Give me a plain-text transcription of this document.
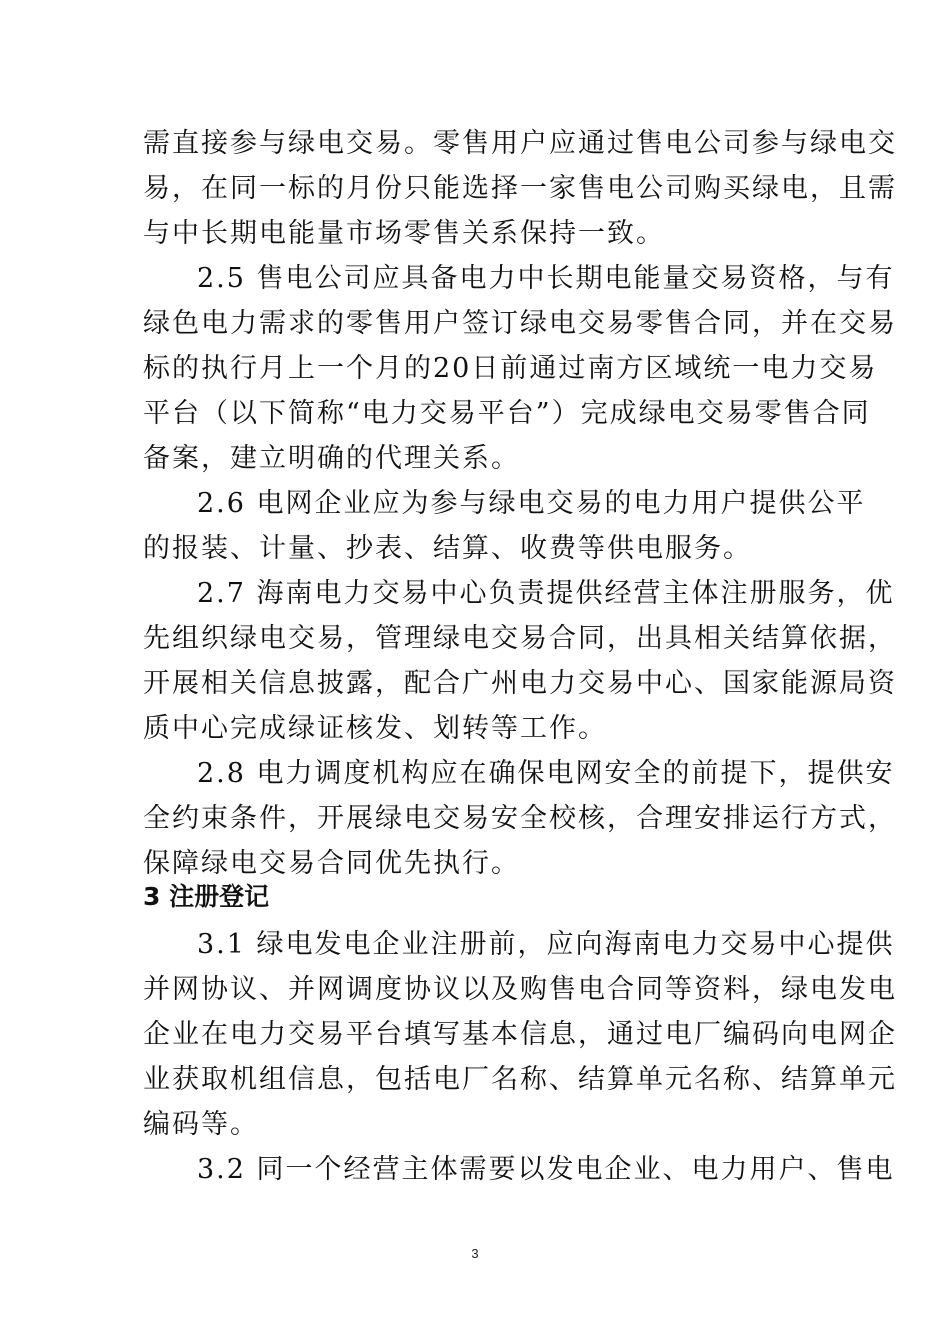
需直接参与绿电交易。零售用户应通过售电公司参与绿电交
易，在同一标的月份只能选择一家售电公司购买绿电，且需
与中长期电能量市场零售关系保持一致。
2.5 售电公司应具备电力中长期电能量交易资格，与有
绿色电力需求的零售用户签订绿电交易零售合同，并在交易
标的执行月上一个月的20日前通过南方区域统一电力交易
平台（以下简称“电力交易平台”）完成绿电交易零售合同
备案，建立明确的代理关系。
2.6 电网企业应为参与绿电交易的电力用户提供公平
的报装、计量、抄表、结算、收费等供电服务。
2.7 海南电力交易中心负责提供经营主体注册服务，优
先组织绿电交易，管理绿电交易合同，出具相关结算依据，
开展相关信息披露，配合广州电力交易中心、国家能源局资
质中心完成绿证核发、划转等工作。
2.8 电力调度机构应在确保电网安全的前提下，提供安
全约束条件，开展绿电交易安全校核，合理安排运行方式，
保障绿电交易合同优先执行。
3 注册登记
3.1 绿电发电企业注册前，应向海南电力交易中心提供
并网协议、并网调度协议以及购售电合同等资料，绿电发电
企业在电力交易平台填写基本信息，通过电厂编码向电网企
业获取机组信息，包括电厂名称、结算单元名称、结算单元
编码等。
3.2 同一个经营主体需要以发电企业、电力用户、售电
3
